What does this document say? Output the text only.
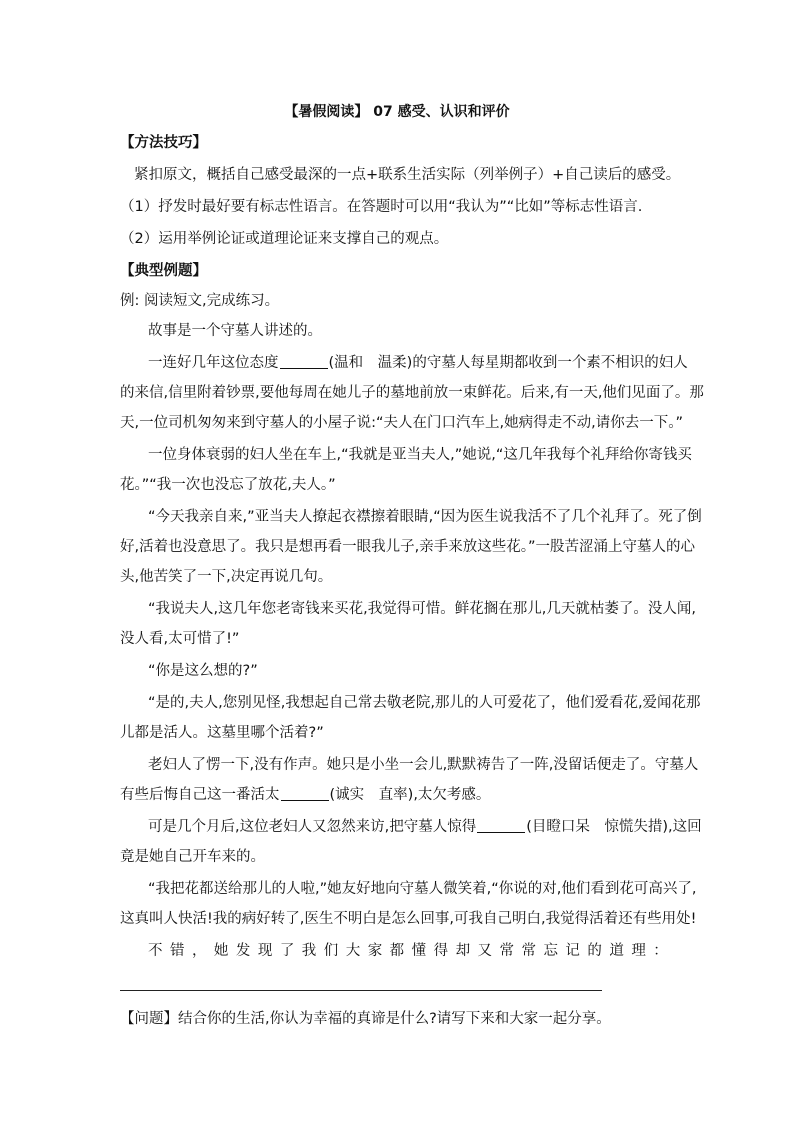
【暑假阅读】 07 感受、认识和评价
【方法技巧】
紧扣原文，概括自己感受最深的一点+联系生活实际（列举例子）+自己读后的感受。
（1）抒发时最好要有标志性语言。在答题时可以用“我认为”“比如”等标志性语言.
（2）运用举例论证或道理论证来支撑自己的观点。
【典型例题】
例: 阅读短文,完成练习。
故事是一个守墓人讲述的。
一连好几年这位态度	(温和　温柔)的守墓人每星期都收到一个素不相识的妇人
的来信,信里附着钞票,要他每周在她儿子的墓地前放一束鲜花。后来,有一天,他们见面了。那
天,一位司机匆匆来到守墓人的小屋子说:“夫人在门口汽车上,她病得走不动,请你去一下。”
一位身体衰弱的妇人坐在车上,“我就是亚当夫人,”她说,“这几年我每个礼拜给你寄钱买
花。”“我一次也没忘了放花,夫人。”
“今天我亲自来,”亚当夫人撩起衣襟擦着眼睛,“因为医生说我活不了几个礼拜了。死了倒
好,活着也没意思了。我只是想再看一眼我儿子,亲手来放这些花。”一股苦涩涌上守墓人的心
头,他苦笑了一下,决定再说几句。
“我说夫人,这几年您老寄钱来买花,我觉得可惜。鲜花搁在那儿,几天就枯萎了。没人闻,
没人看,太可惜了!”
“你是这么想的?”
“是的,夫人,您别见怪,我想起自己常去敬老院,那儿的人可爱花了，他们爱看花,爱闻花那
儿都是活人。这墓里哪个活着?”
老妇人了愣一下,没有作声。她只是小坐一会儿,默默祷告了一阵,没留话便走了。守墓人
有些后悔自己这一番活太	(诚实　直率),太欠考感。
可是几个月后,这位老妇人又忽然来访,把守墓人惊得	(目瞪口呆　惊慌失措),这回
竟是她自己开车来的。
“我把花都送给那儿的人啦,”她友好地向守墓人微笑着,“你说的对,他们看到花可高兴了,
这真叫人快活!我的病好转了,医生不明白是怎么回事,可我自己明白,我觉得活着还有些用处!
不 错 ， 她 发 现 了 我 们 大 家 都 懂 得 却 又 常 常 忘 记 的 道 理 ：
【问题】结合你的生活,你认为幸福的真谛是什么?请写下来和大家一起分享。
